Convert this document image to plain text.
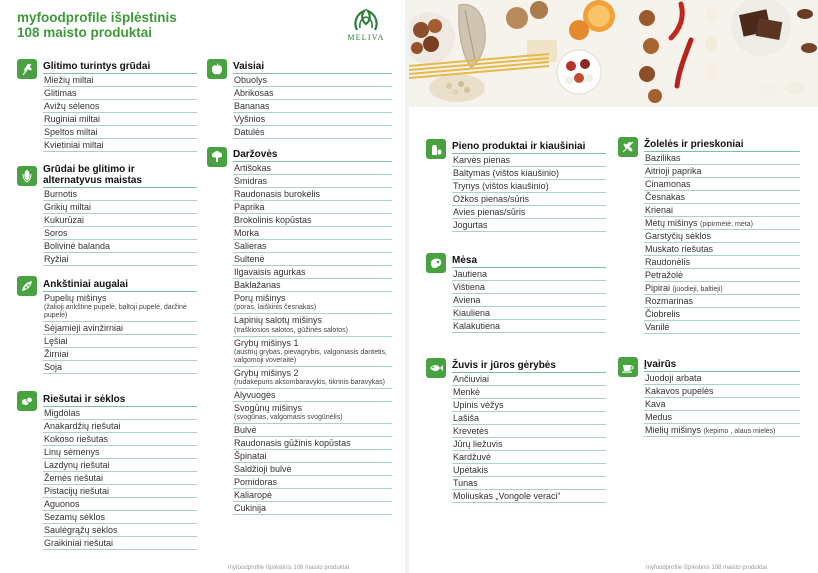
myfoodprofile išplėstinis
108 maisto produktai	MELIVA
Glitimo turintys grūdai
Miežių miltai
Glitimas
Avižų sėlenos
Ruginiai miltai
Speltos miltai
Kvietiniai miltai
Grūdai be glitimo ir
alternatyvus maistas
Burnotis
Grikių miltai
Kukurūzai
Soros
Bolivinė balanda
Ryžiai
Ankštiniai augalai
Pupelių mišinys
(žalioji ankštinė pupelė, baltoji pupelė, daržinė pupelė)
Sėjamieji avinžirniai
Lęšiai
Žirniai
Soja
Riešutai ir sėklos
Migdolas
Anakardžių riešutai
Kokoso riešutas
Linų sėmenys
Lazdynų riešutai
Žemės riešutai
Pistacijų riešutai
Aguonos
Sezamų sėklos
Saulėgrąžų sėklos
Graikiniai riešutai
Vaisiai
Obuolys
Abrikosas
Bananas
Vyšnios
Datulės
Daržovės
Artišokas
Smidras
Raudonasis burokėlis
Paprika
Brokolinis kopūstas
Morka
Salieras
Sultenė
Ilgavaisis agurkas
Baklažanas
Porų mišinys
(poras, laiškinis česnakas)
Lapinių salotų mišinys
(traškiosios salotos, gūžinės salotos)
Grybų mišinys 1
(austrių grybas, pievagrybis, valgomasis dantetis, valgomoji voveraitė)
Grybų mišinys 2
(rudakepuris aksombaravykis, tikrinis baravykas)
Alyvuogės
Svogūnų mišinys
(svogūnas, valgomasis svogūnėlis)
Bulvė
Raudonasis gūžinis kopūstas
Špinatai
Saldžioji bulvė
Pomidoras
Kaliaropė
Cukinija
myfoodprofile išplėstinis 108 maisto produktai	myfoodprofile išplėstinis 108 maisto produktai
Pieno produktai ir kiaušiniai
Karvės pienas
Baltymas (vištos kiaušinio)
Trynys (vištos kiaušinio)
Ožkos pienas/sūris
Avies pienas/sūris
Jogurtas
Mėsa
Jautiena
Vištiena
Aviena
Kiauliena
Kalakutiena
Žuvis ir jūros gėrybės
Ančiuviai
Menkė
Upinis vėžys
Lašiša
Krevetės
Jūrų liežuvis
Kardžuvė
Upėtakis
Tunas
Moliuskas „Vongole veraci“
Žolelės ir prieskoniai
Bazilikas
Aitrioji paprika
Cinamonas
Česnakas
Krienai
Mėtų mišinys (pipirmėtė, mėta)
Garstyčių sėklos
Muskato riešutas
Raudonėlis
Petražolė
Pipirai (juodieji, baltieji)
Rozmarinas
Čiobrelis
Vanilė
Įvairūs
Juodoji arbata
Kakavos pupelės
Kava
Medus
Mielių mišinys (kepimo , alaus mielės)
